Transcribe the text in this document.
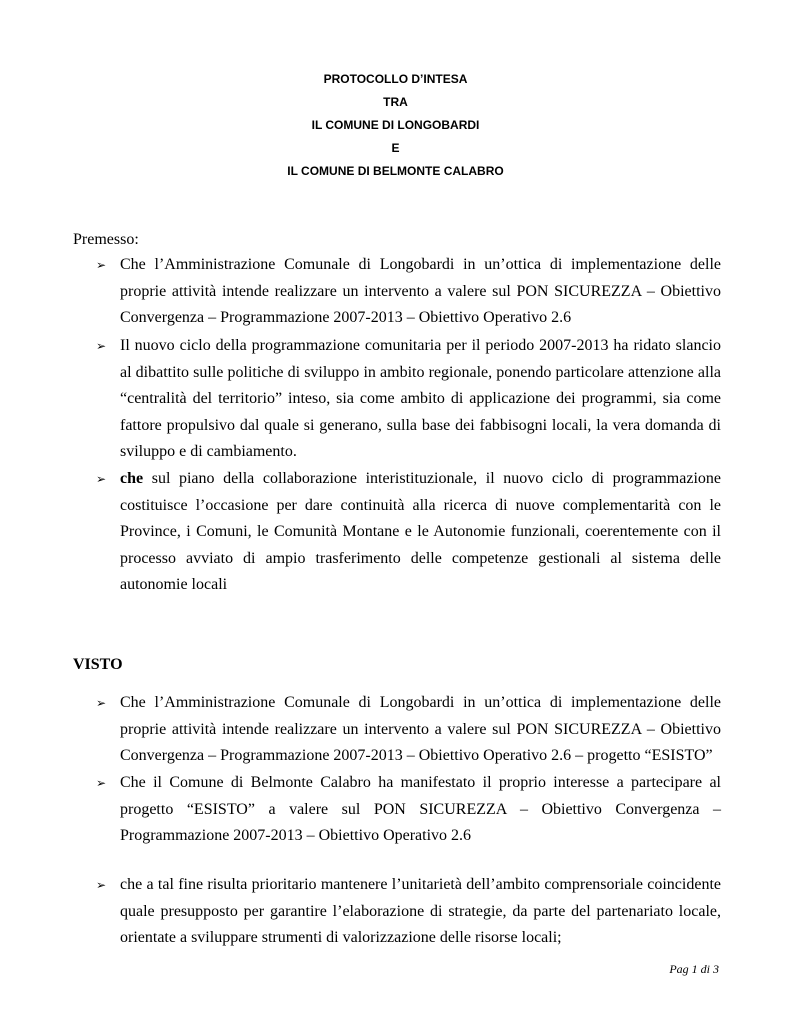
PROTOCOLLO D’INTESA
TRA
IL COMUNE DI LONGOBARDI
E
IL COMUNE DI BELMONTE CALABRO
Premesso:
➢ Che l’Amministrazione Comunale di Longobardi in un’ottica di implementazione delle proprie attività intende realizzare un intervento a valere sul PON SICUREZZA – Obiettivo Convergenza – Programmazione 2007-2013 – Obiettivo Operativo 2.6
➢ Il nuovo ciclo della programmazione comunitaria per il periodo 2007-2013 ha ridato slancio al dibattito sulle politiche di sviluppo in ambito regionale, ponendo particolare attenzione alla “centralità del territorio” inteso, sia come ambito di applicazione dei programmi, sia come fattore propulsivo dal quale si generano, sulla base dei fabbisogni locali, la vera domanda di sviluppo e di cambiamento.
➢ che sul piano della collaborazione interistituzionale, il nuovo ciclo di programmazione costituisce l’occasione per dare continuità alla ricerca di nuove complementarità con le Province, i Comuni, le Comunità Montane e le Autonomie funzionali, coerentemente con il processo avviato di ampio trasferimento delle competenze gestionali al sistema delle autonomie locali
VISTO
➢ Che l’Amministrazione Comunale di Longobardi in un’ottica di implementazione delle proprie attività intende realizzare un intervento a valere sul PON SICUREZZA – Obiettivo Convergenza – Programmazione 2007-2013 – Obiettivo Operativo 2.6 – progetto “ESISTO”
➢ Che il Comune di Belmonte Calabro ha manifestato il proprio interesse a partecipare al progetto “ESISTO” a valere sul PON SICUREZZA – Obiettivo Convergenza – Programmazione 2007-2013 – Obiettivo Operativo 2.6
➢ che a tal fine risulta prioritario mantenere l’unitarietà dell’ambito comprensoriale coincidente quale presupposto per garantire l’elaborazione di strategie, da parte del partenariato locale, orientate a sviluppare strumenti di valorizzazione delle risorse locali;
Pag 1 di 3
